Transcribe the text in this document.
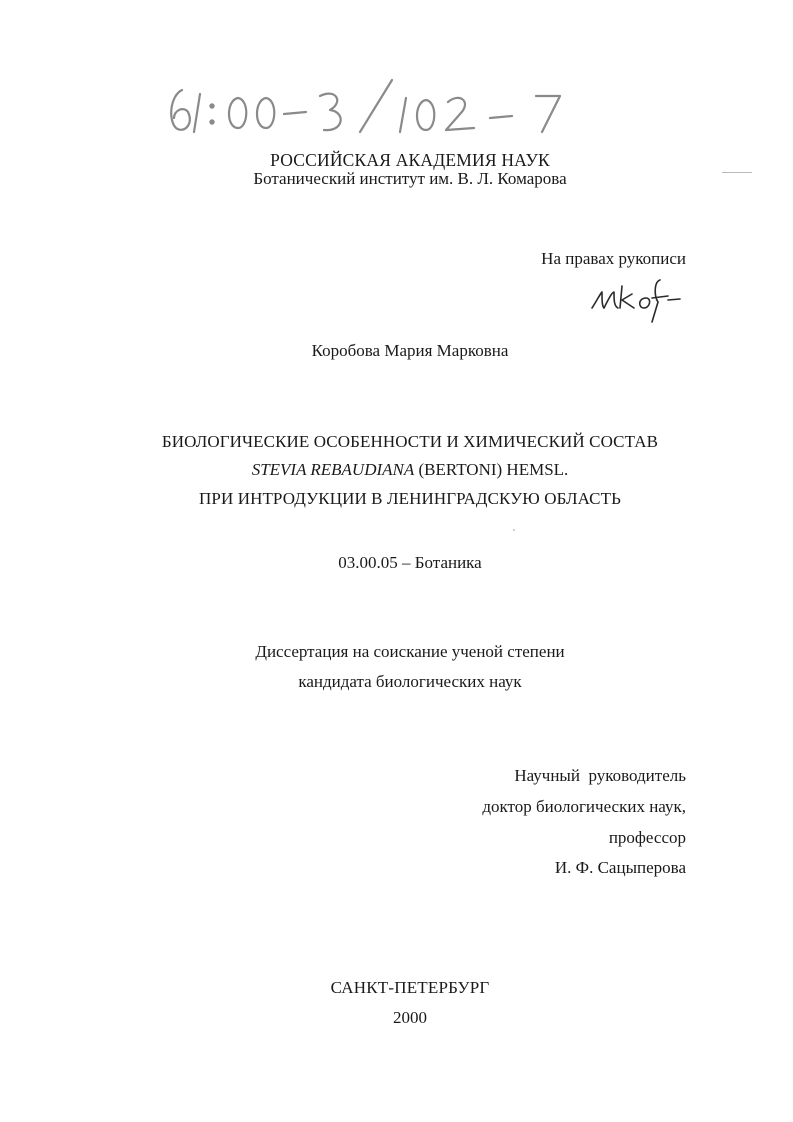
РОССИЙСКАЯ АКАДЕМИЯ НАУК
Ботанический институт им. В. Л. Комарова
На правах рукописи
Коробова Мария Марковна
БИОЛОГИЧЕСКИЕ ОСОБЕННОСТИ И ХИМИЧЕСКИЙ СОСТАВ
STEVIA REBAUDIANA (BERTONI) HEMSL.
ПРИ ИНТРОДУКЦИИ В ЛЕНИНГРАДСКУЮ ОБЛАСТЬ
03.00.05 – Ботаника
Диссертация на соискание ученой степени
кандидата биологических наук
Научный  руководитель
доктор биологических наук,
профессор
И. Ф. Сацыперова
САНКТ-ПЕТЕРБУРГ
2000
